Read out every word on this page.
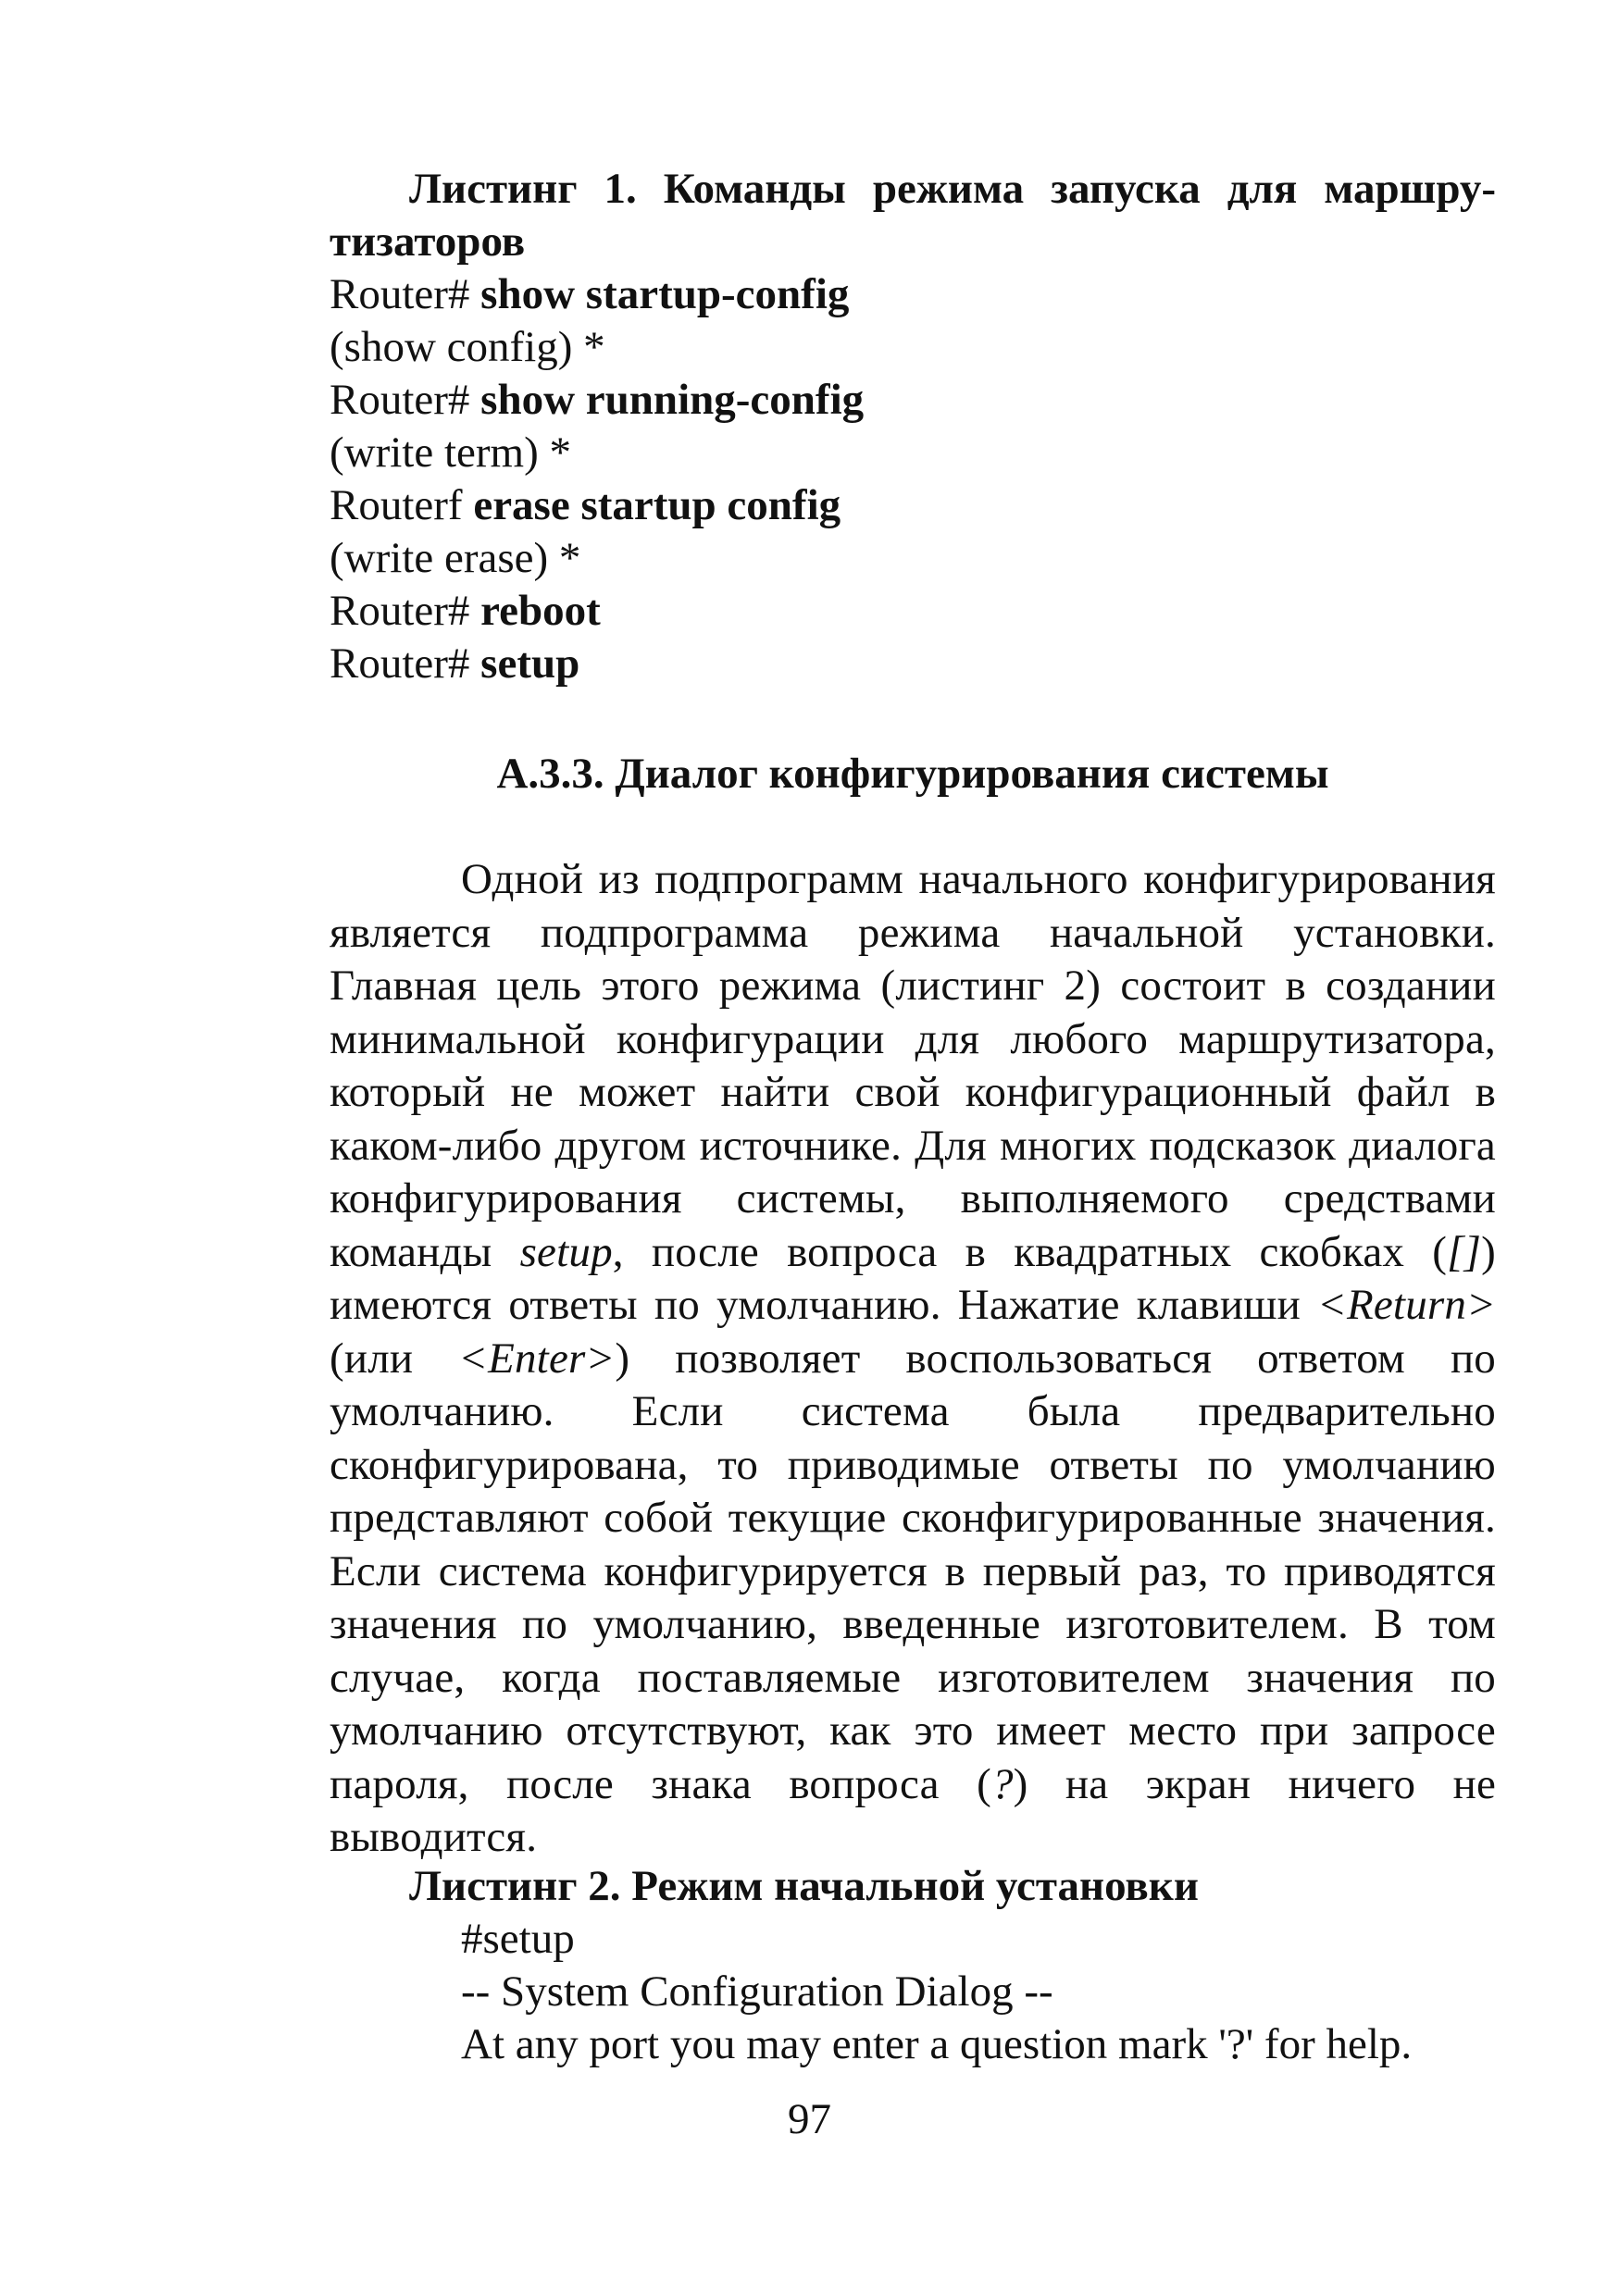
Листинг 1. Команды режима запуска для маршру-​тизаторов
Router# show startup-config
(show config) *
Router# show running-config
(write term) *
Routerf erase startup config
(write erase) *
Router# reboot
Router# setup
А.3.3. Диалог конфигурирования системы
Одной из подпрограмм начального конфигурирования является подпрограмма режима начальной установки. Главная цель этого режима (листинг 2) состоит в создании минимальной конфигурации для любого маршрутизатора, который не может найти свой конфигурационный файл в каком-либо другом источнике. Для многих подсказок диалога конфигурирования системы, выполняемого средствами команды setup, после вопроса в квадратных скобках ([]) имеются ответы по умолчанию. Нажатие клавиши <Return> (или <Enter>) позволяет воспользоваться ответом по умолчанию. Если система была предварительно сконфигурирована, то приводимые ответы по умолчанию представляют собой текущие сконфигурированные значения. Если система конфигурируется в первый раз, то приводятся значения по умолчанию, введенные изготовителем. В том случае, когда поставляемые изготовителем значения по умолчанию отсутствуют, как это имеет место при запросе пароля, после знака вопроса (?) на экран ничего не выводится.
Листинг 2. Режим начальной установки
#setup
-- System Configuration Dialog --
At any port you may enter a question mark '?' for help.
97
